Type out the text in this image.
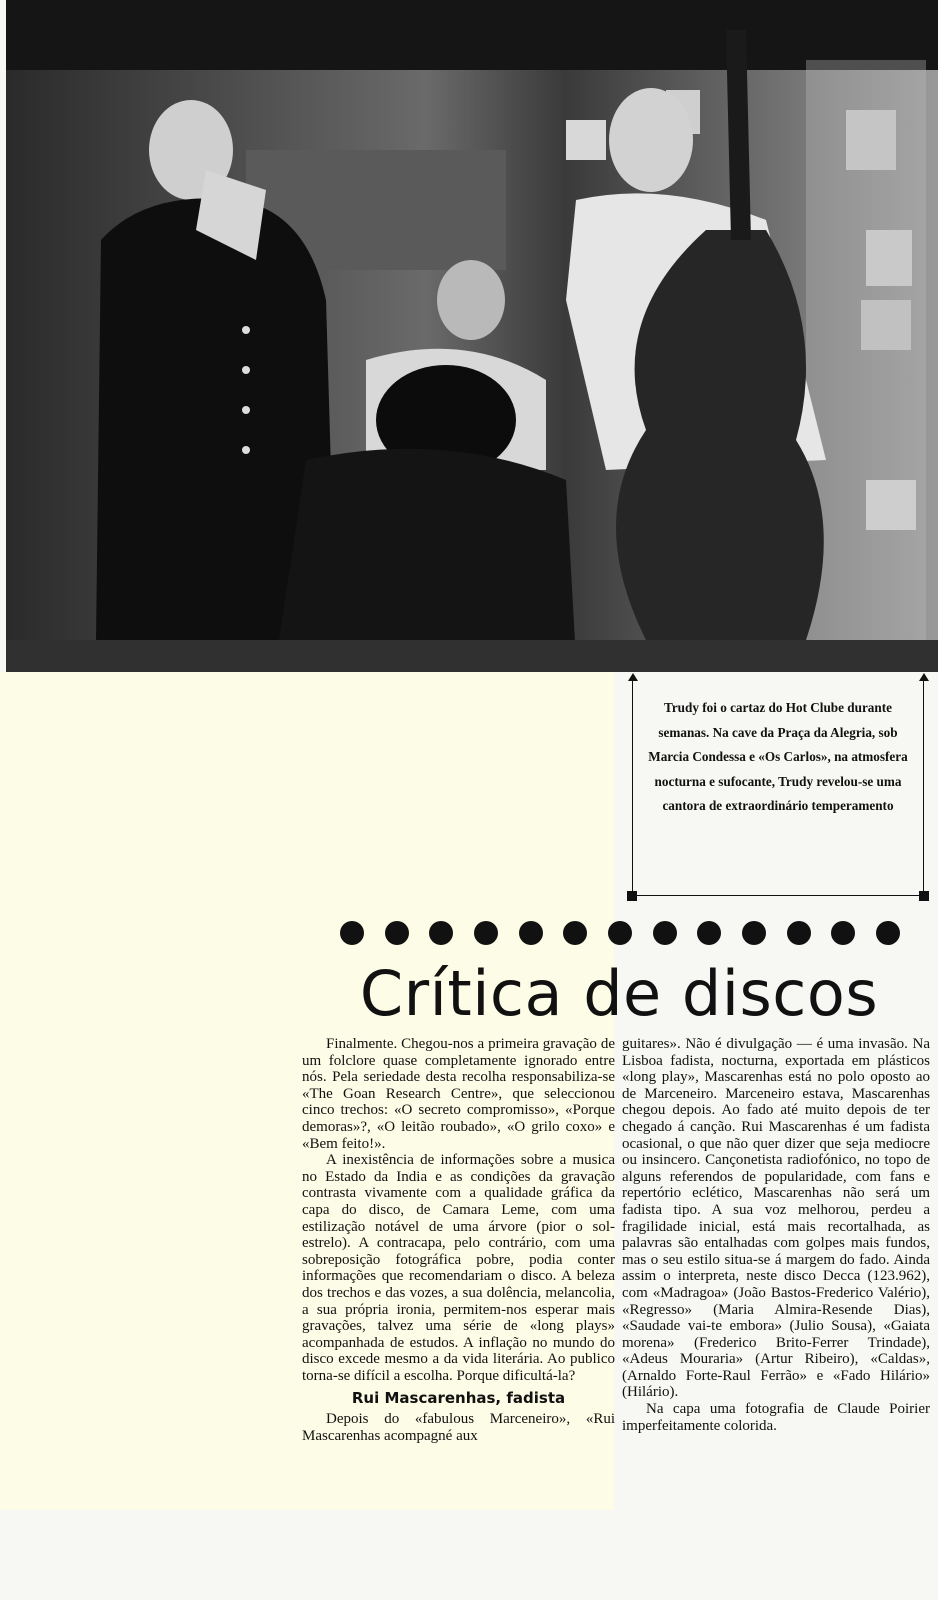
Trudy foi o cartaz do Hot Clube durante semanas. Na cave da Praça da Alegria, sob Marcia Condessa e «Os Carlos», na atmosfera nocturna e sufocante, Trudy revelou-se uma cantora de extraordinário temperamento
Crítica de discos

Finalmente. Chegou-nos a primeira gravação de um folclore quase completamente ignorado entre nós. Pela seriedade desta recolha responsabiliza-se «The Goan Research Centre», que seleccionou cinco trechos: «O secreto compromisso», «Porque demoras»?, «O leitão roubado», «O grilo coxo» e «Bem feito!».

A inexistência de informações sobre a musica no Estado da India e as condições da gravação contrasta vivamente com a qualidade gráfica da capa do disco, de Camara Leme, com uma estilização notável de uma árvore (pior o sol-estrelo). A contracapa, pelo contrário, com uma sobreposição fotográfica pobre, podia conter informações que recomendariam o disco. A beleza dos trechos e das vozes, a sua dolência, melancolia, a sua própria ironia, permitem-nos esperar mais gravações, talvez uma série de «long plays» acompanhada de estudos. A inflação no mundo do disco excede mesmo a da vida literária. Ao publico torna-se difícil a escolha. Porque dificultá-la?

Rui Mascarenhas, fadista

Depois do «fabulous Marceneiro», «Rui Mascarenhas acompagné aux

guitares». Não é divulgação — é uma invasão. Na Lisboa fadista, nocturna, exportada em plásticos «long play», Mascarenhas está no polo oposto ao de Marceneiro. Marceneiro estava, Mascarenhas chegou depois. Ao fado até muito depois de ter chegado á canção. Rui Mascarenhas é um fadista ocasional, o que não quer dizer que seja mediocre ou insincero. Cançonetista radiofónico, no topo de alguns referendos de popularidade, com fans e repertório eclético, Mascarenhas não será um fadista tipo. A sua voz melhorou, perdeu a fragilidade inicial, está mais recortalhada, as palavras são entalhadas com golpes mais fundos, mas o seu estilo situa-se á margem do fado. Ainda assim o interpreta, neste disco Decca (123.962), com «Madragoa» (João Bastos-Frederico Valério), «Regresso» (Maria Almira-Resende Dias), «Saudade vai-te embora» (Julio Sousa), «Gaiata morena» (Frederico Brito-Ferrer Trindade), «Adeus Mouraria» (Artur Ribeiro), «Caldas», (Arnaldo Forte-Raul Ferrão» e «Fado Hilário» (Hilário).

Na capa uma fotografia de Claude Poirier imperfeitamente colorida.
